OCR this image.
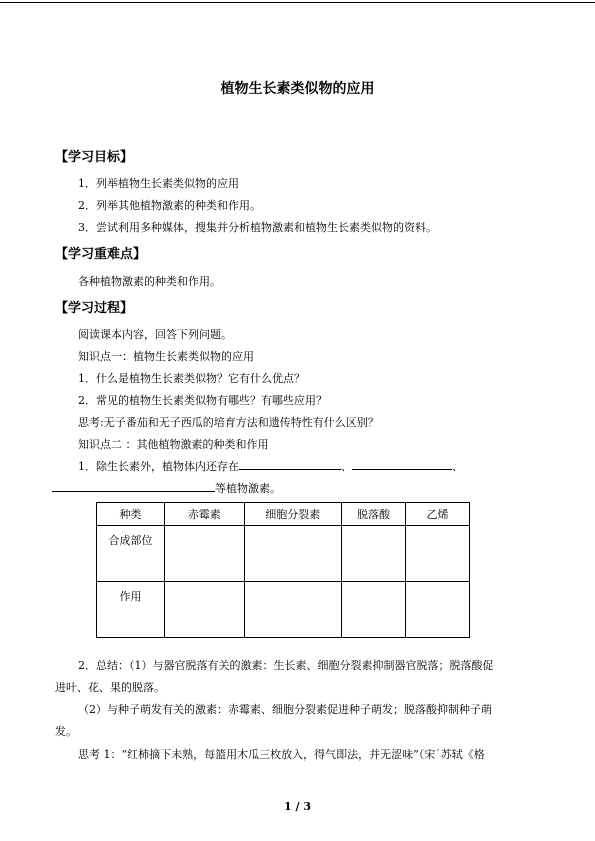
植物生长素类似物的应用
【学习目标】
1．列举植物生长素类似物的应用
2．列举其他植物激素的种类和作用。
3．尝试利用多种媒体，搜集并分析植物激素和植物生长素类似物的资料。
【学习重难点】
各种植物激素的种类和作用。
【学习过程】
阅读课本内容，回答下列问题。
知识点一：植物生长素类似物的应用
1．什么是植物生长素类似物？它有什么优点？
2．常见的植物生长素类似物有哪些？有哪些应用？
思考:无子番茄和无子西瓜的培育方法和遗传特性有什么区别？
知识点二 ：其他植物激素的种类和作用
1．除生长素外，植物体内还存在	、	、
等植物激素。
种类	赤霉素	细胞分裂素	脱落酸	乙烯
合成部位				
作用				
2．总结：（1）与器官脱落有关的激素：生长素、细胞分裂素抑制器官脱落；脱落酸促
进叶、花、果的脱落。
（2）与种子萌发有关的激素：赤霉素、细胞分裂素促进种子萌发；脱落酸抑制种子萌
发。
思考 1：“红柿摘下未熟，每篮用木瓜三枚放入，得气即法，并无涩味”（宋˙苏轼《格
1 / 3
